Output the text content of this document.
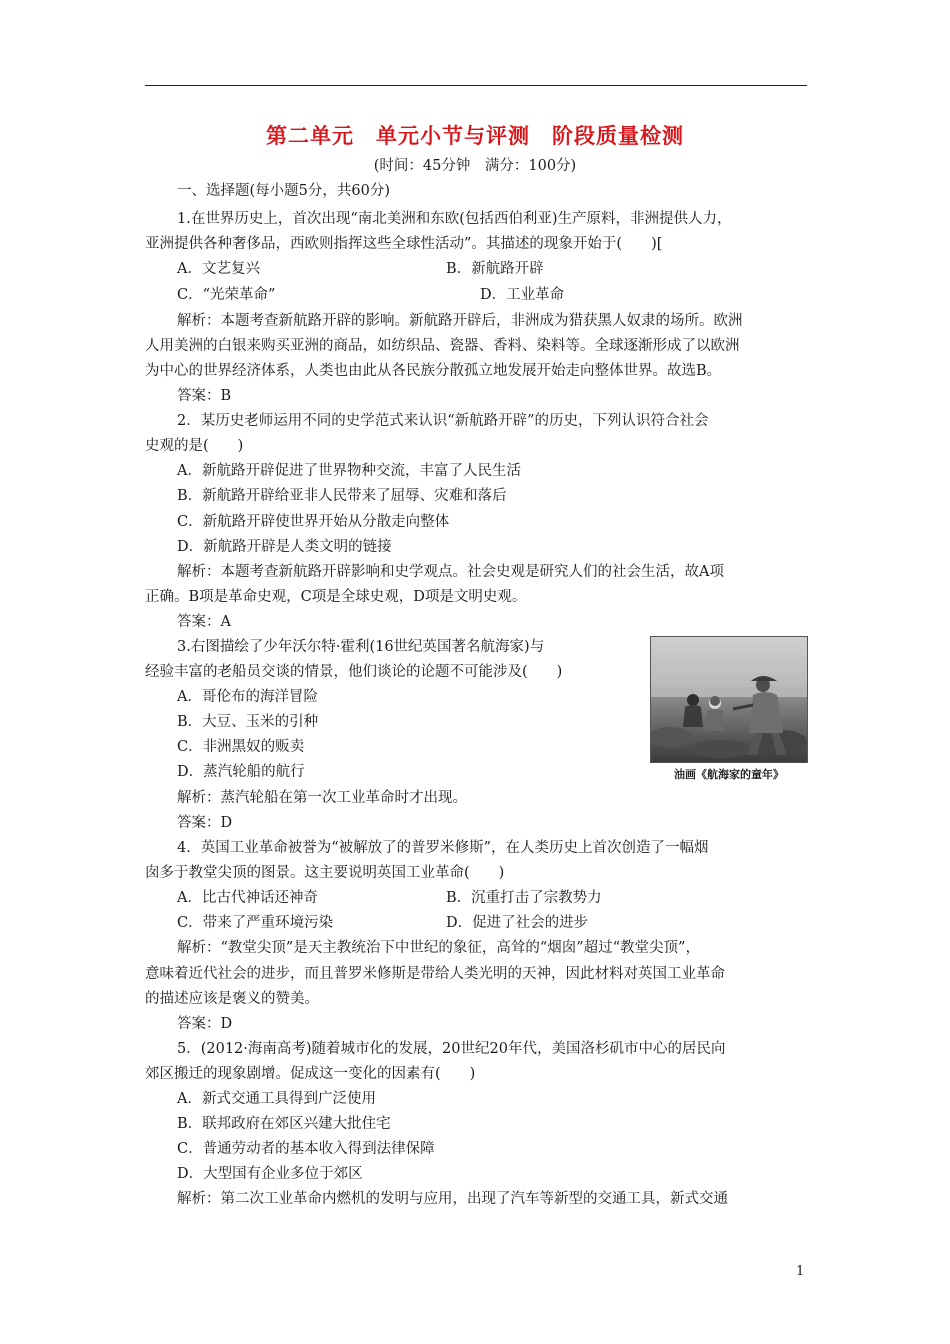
第二单元　单元小节与评测　阶段质量检测
(时间：45分钟　满分：100分)
一、选择题(每小题5分，共60分)
1.在世界历史上，首次出现“南北美洲和东欧(包括西伯利亚)生产原料，非洲提供人力，
亚洲提供各种奢侈品，西欧则指挥这些全球性活动”。其描述的现象开始于(　　)[
A．文艺复兴	B．新航路开辟
C．“光荣革命”	D．工业革命
解析：本题考查新航路开辟的影响。新航路开辟后，非洲成为猎获黑人奴隶的场所。欧洲
人用美洲的白银来购买亚洲的商品，如纺织品、瓷器、香料、染料等。全球逐渐形成了以欧洲
为中心的世界经济体系，人类也由此从各民族分散孤立地发展开始走向整体世界。故选B。
答案：B
2．某历史老师运用不同的史学范式来认识“新航路开辟”的历史，下列认识符合社会
史观的是(　　)
A．新航路开辟促进了世界物种交流，丰富了人民生活
B．新航路开辟给亚非人民带来了屈辱、灾难和落后
C．新航路开辟使世界开始从分散走向整体
D．新航路开辟是人类文明的链接
解析：本题考查新航路开辟影响和史学观点。社会史观是研究人们的社会生活，故A项
正确。B项是革命史观，C项是全球史观，D项是文明史观。
答案：A
3.右图描绘了少年沃尔特·霍利(16世纪英国著名航海家)与
经验丰富的老船员交谈的情景，他们谈论的论题不可能涉及(　　)
A．哥伦布的海洋冒险
B．大豆、玉米的引种
C．非洲黑奴的贩卖
D．蒸汽轮船的航行
解析：蒸汽轮船在第一次工业革命时才出现。
答案：D
4．英国工业革命被誉为“被解放了的普罗米修斯”，在人类历史上首次创造了一幅烟
囱多于教堂尖顶的图景。这主要说明英国工业革命(　　)
A．比古代神话还神奇	B．沉重打击了宗教势力
C．带来了严重环境污染	D．促进了社会的进步
解析：“教堂尖顶”是天主教统治下中世纪的象征，高耸的“烟囱”超过“教堂尖顶”，
意味着近代社会的进步，而且普罗米修斯是带给人类光明的天神，因此材料对英国工业革命
的描述应该是褒义的赞美。
答案：D
5．(2012·海南高考)随着城市化的发展，20世纪20年代，美国洛杉矶市中心的居民向
郊区搬迁的现象剧增。促成这一变化的因素有(　　)
A．新式交通工具得到广泛使用
B．联邦政府在郊区兴建大批住宅
C．普通劳动者的基本收入得到法律保障
D．大型国有企业多位于郊区
解析：第二次工业革命内燃机的发明与应用，出现了汽车等新型的交通工具，新式交通
油画《航海家的童年》
1
